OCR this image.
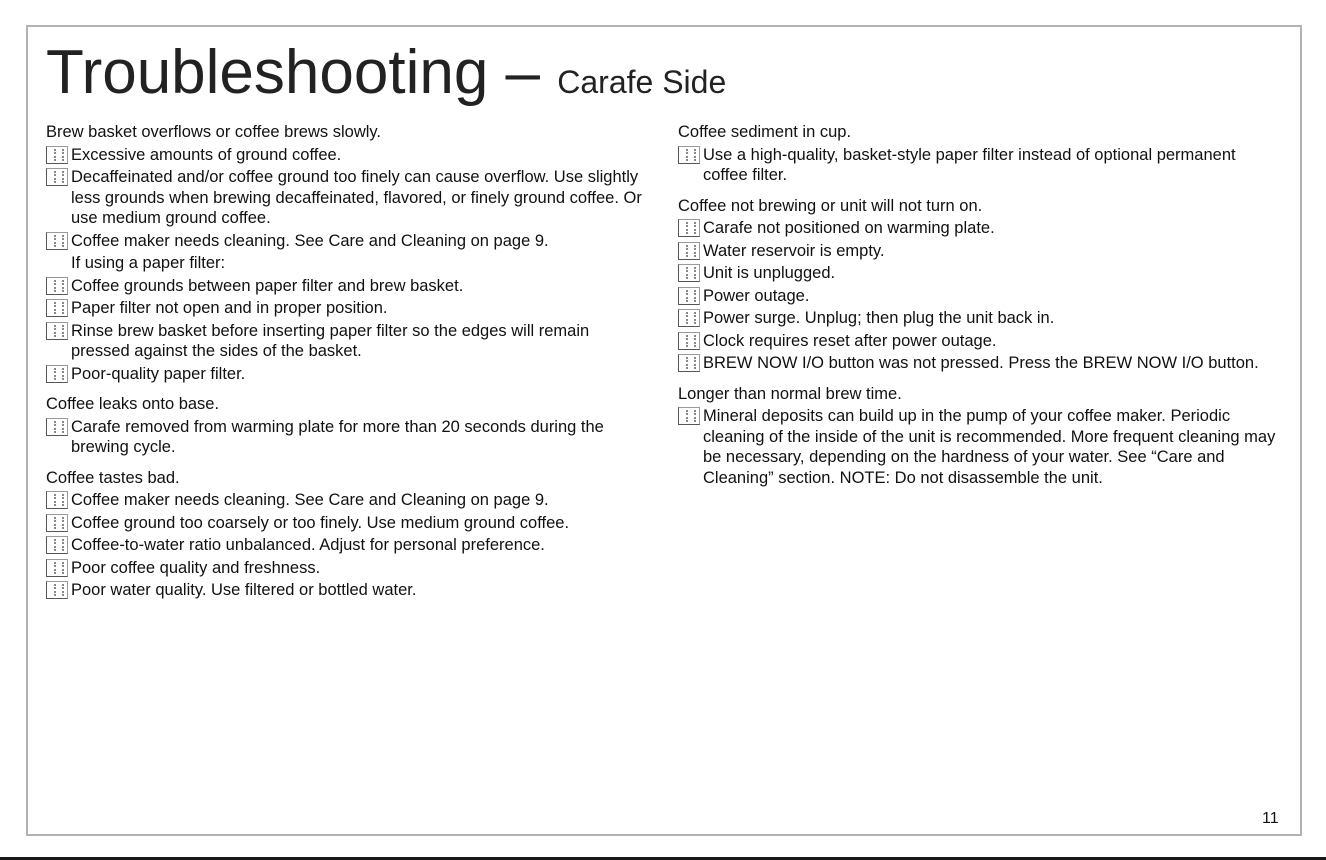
Troubleshooting – Carafe Side
Brew basket overflows or coffee brews slowly.
Excessive amounts of ground coffee.
Decaffeinated and/or coffee ground too finely can cause overflow. Use slightly less grounds when brewing decaffeinated, flavored, or finely ground coffee. Or use medium ground coffee.
Coffee maker needs cleaning. See Care and Cleaning on page 9.
If using a paper filter:
Coffee grounds between paper filter and brew basket.
Paper filter not open and in proper position.
Rinse brew basket before inserting paper filter so the edges will remain pressed against the sides of the basket.
Poor-quality paper filter.
Coffee leaks onto base.
Carafe removed from warming plate for more than 20 seconds during the brewing cycle.
Coffee tastes bad.
Coffee maker needs cleaning. See Care and Cleaning on page 9.
Coffee ground too coarsely or too finely. Use medium ground coffee.
Coffee-to-water ratio unbalanced. Adjust for personal preference.
Poor coffee quality and freshness.
Poor water quality. Use filtered or bottled water.
Coffee sediment in cup.
Use a high-quality, basket-style paper filter instead of optional permanent coffee filter.
Coffee not brewing or unit will not turn on.
Carafe not positioned on warming plate.
Water reservoir is empty.
Unit is unplugged.
Power outage.
Power surge. Unplug; then plug the unit back in.
Clock requires reset after power outage.
BREW NOW I/O button was not pressed. Press the BREW NOW I/O button.
Longer than normal brew time.
Mineral deposits can build up in the pump of your coffee maker. Periodic cleaning of the inside of the unit is recommended. More frequent cleaning may be necessary, depending on the hardness of your water. See “Care and Cleaning” section. NOTE: Do not disassemble the unit.
11
